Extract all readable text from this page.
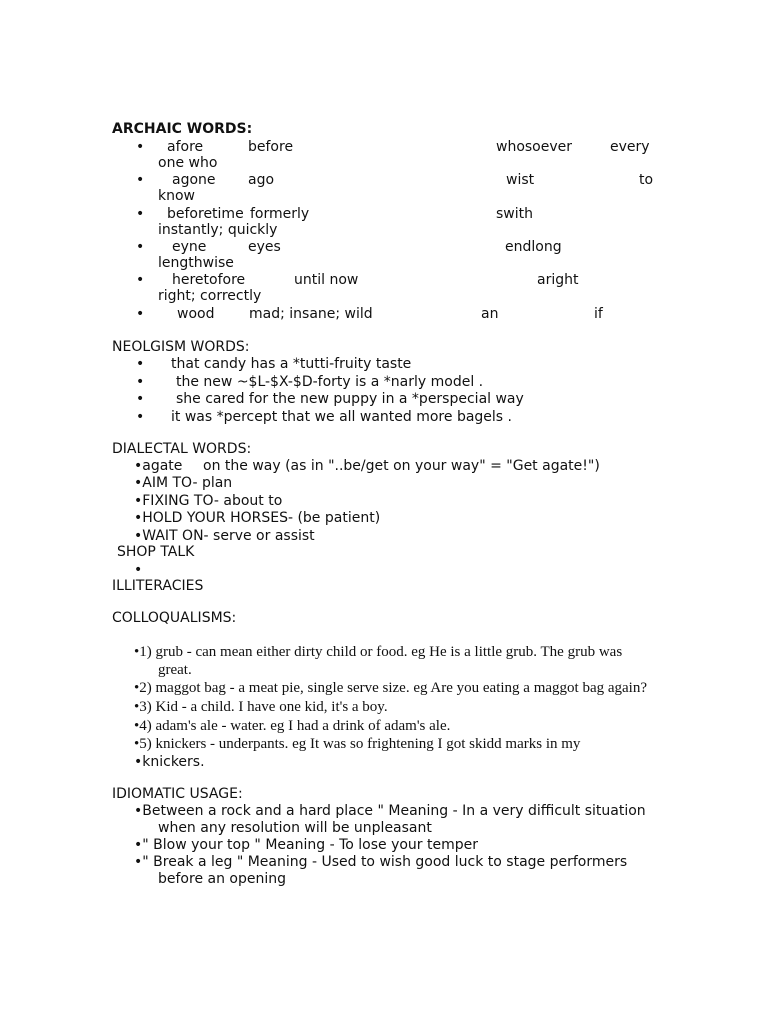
ARCHAIC WORDS:
• afore	before	whosoever	every
one who
• agone ago	wist	to
know
• beforetime formerly	swith
instantly; quickly
• eyne	eyes	endlong
lengthwise
• heretofore	until now	aright
right; correctly
• wood mad; insane; wild	an	if
NEOLGISM WORDS:
• that candy has a *tutti-fruity taste
• the new ~$L-$X-$D-forty is a *narly model .
• she cared for the new puppy in a *perspecial way
• it was *percept that we all wanted more bagels .
DIALECTAL WORDS:
•agate on the way (as in "..be/get on your way" = "Get agate!")
•AIM TO- plan
•FIXING TO- about to
•HOLD YOUR HORSES- (be patient)
•WAIT ON- serve or assist
SHOP TALK
•
ILLITERACIES
COLLOQUALISMS:
•1) grub - can mean either dirty child or food. eg He is a little grub. The grub was
great.
•2) maggot bag - a meat pie, single serve size. eg Are you eating a maggot bag again?
•3) Kid - a child. I have one kid, it's a boy.
•4) adam's ale - water. eg I had a drink of adam's ale.
•5) knickers - underpants. eg It was so frightening I got skidd marks in my
•knickers.
IDIOMATIC USAGE:
•Between a rock and a hard place " Meaning - In a very difficult situation
when any resolution will be unpleasant
•" Blow your top " Meaning - To lose your temper
•" Break a leg " Meaning - Used to wish good luck to stage performers
before an opening
